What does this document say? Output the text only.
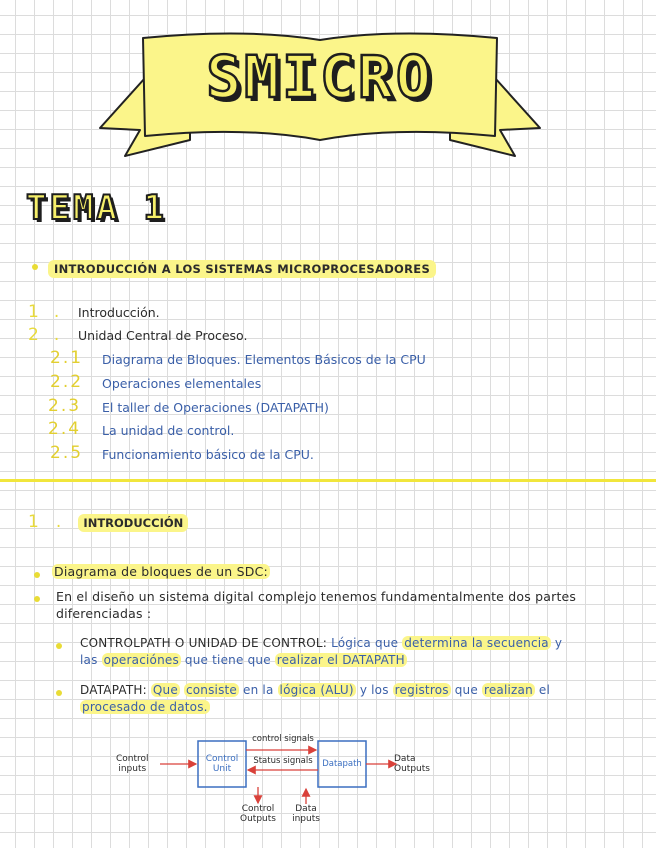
SMICRO
TEMA 1
INTRODUCCIÓN A LOS SISTEMAS MICROPROCESADORES
1 . Introducción.
2 . Unidad Central de Proceso.
2.1 Diagrama de Bloques. Elementos Básicos de la CPU
2.2 Operaciones elementales
2.3 El taller de Operaciones (DATAPATH)
2.4 La unidad de control.
2.5 Funcionamiento básico de la CPU.
1 . INTRODUCCIÓN
Diagrama de bloques de un SDC:
En el diseño un sistema digital complejo tenemos fundamentalmente dos partes
diferenciadas :
CONTROLPATH O UNIDAD DE CONTROL: Lógica que determina la secuencia y
las operaciónes que tiene que realizar el DATAPATH
DATAPATH: Que consiste en la lógica (ALU) y los registros que realizan el
procesado de datos.
Control
inputs
Control
Unit	Datapath
control signals
Status signals	Data
Outputs
Control
Outputs
Data
inputs
